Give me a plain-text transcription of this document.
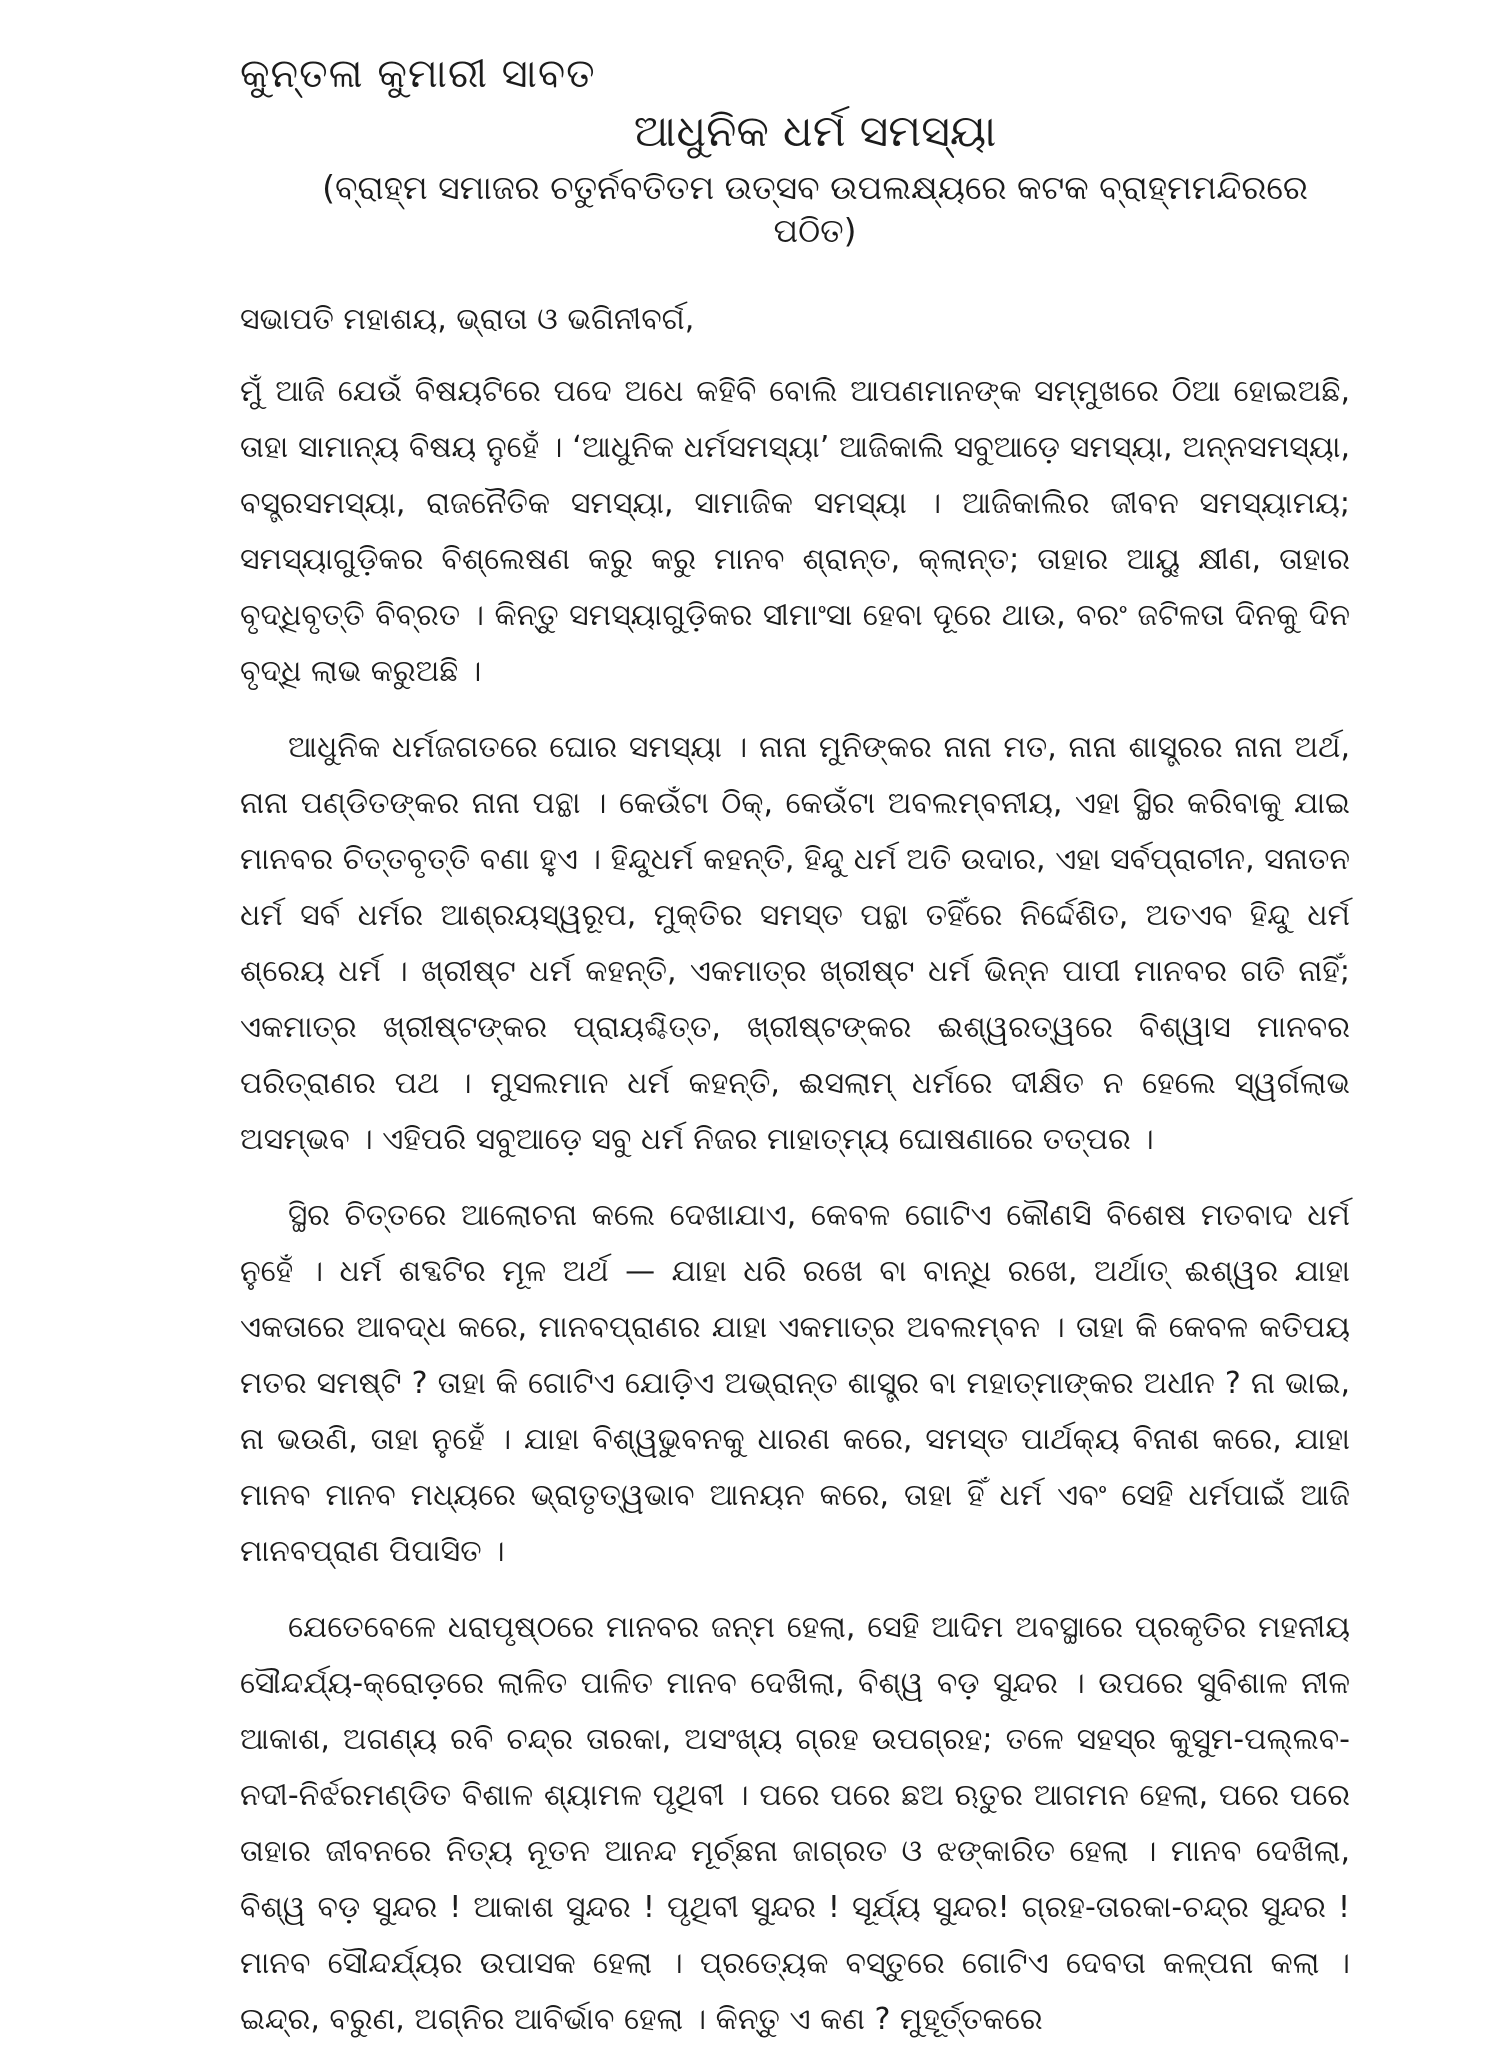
କୁନ୍ତଳା କୁମାରୀ ସାବତ
ଆଧୁନିକ ଧର୍ମ ସମସ୍ୟା
(ବ୍ରାହ୍ମ ସମାଜର ଚତୁର୍ନବତିତମ ଉତ୍ସବ ଉପଲକ୍ଷ୍ୟରେ କଟକ ବ୍ରାହ୍ମମନ୍ଦିରରେ ପଠିତ)
ସଭାପତି ମହାଶୟ, ଭ୍ରାତା ଓ ଭଗିନୀବର୍ଗ,

ମୁଁ ଆଜି ଯେଉଁ ବିଷୟଟିରେ ପଦେ ଅଧେ କହିବି ବୋଲି ଆପଣମାନଙ୍କ ସମ୍ମୁଖରେ ଠିଆ ହୋଇଅଛି, ତାହା ସାମାନ୍ୟ ବିଷୟ ନୁହେଁ । ‘ଆଧୁନିକ ଧର୍ମସମସ୍ୟା’ ଆଜିକାଲି ସବୁଆଡ଼େ ସମସ୍ୟା, ଅନ୍ନସମସ୍ୟା, ବସ୍ତ୍ରସମସ୍ୟା, ରାଜନୈତିକ ସମସ୍ୟା, ସାମାଜିକ ସମସ୍ୟା । ଆଜିକାଲିର ଜୀବନ ସମସ୍ୟାମୟ; ସମସ୍ୟାଗୁଡ଼ିକର ବିଶ୍ଲେଷଣ କରୁ କରୁ ମାନବ ଶ୍ରାନ୍ତ, କ୍ଲାନ୍ତ; ତାହାର ଆୟୁ କ୍ଷୀଣ, ତାହାର ବୃଦ୍ଧିବୃତ୍ତି ବିବ୍ରତ । କିନ୍ତୁ ସମସ୍ୟାଗୁଡ଼ିକର ସୀମାଂସା ହେବା ଦୂରେ ଥାଉ, ବରଂ ଜଟିଳତା ଦିନକୁ ଦିନ ବୃଦ୍ଧି ଲାଭ କରୁଅଛି ।

ଆଧୁନିକ ଧର୍ମଜଗତରେ ଘୋର ସମସ୍ୟା । ନାନା ମୁନିଙ୍କର ନାନା ମତ, ନାନା ଶାସ୍ତ୍ରର ନାନା ଅର୍ଥ, ନାନା ପଣ୍ଡିତଙ୍କର ନାନା ପନ୍ଥା । କେଉଁଟା ଠିକ୍, କେଉଁଟା ଅବଲମ୍ବନୀୟ, ଏହା ସ୍ଥିର କରିବାକୁ ଯାଇ ମାନବର ଚିତ୍ତବୃତ୍ତି ବଣା ହୁଏ । ହିନ୍ଦୁଧର୍ମ କହନ୍ତି, ହିନ୍ଦୁ ଧର୍ମ ଅତି ଉଦାର, ଏହା ସର୍ବପ୍ରାଚୀନ, ସନାତନ ଧର୍ମ ସର୍ବ ଧର୍ମର ଆଶ୍ରୟସ୍ୱରୂପ, ମୁକ୍ତିର ସମସ୍ତ ପନ୍ଥା ତହିଁରେ ନିର୍ଦ୍ଦେଶିତ, ଅତଏବ ହିନ୍ଦୁ ଧର୍ମ ଶ୍ରେୟ ଧର୍ମ । ଖ୍ରୀଷ୍ଟ ଧର୍ମ କହନ୍ତି, ଏକମାତ୍ର ଖ୍ରୀଷ୍ଟ ଧର୍ମ ଭିନ୍ନ ପାପୀ ମାନବର ଗତି ନାହିଁ; ଏକମାତ୍ର ଖ୍ରୀଷ୍ଟଙ୍କର ପ୍ରାୟଶ୍ଚିତ୍ତ, ଖ୍ରୀଷ୍ଟଙ୍କର ଈଶ୍ୱରତ୍ୱରେ ବିଶ୍ୱାସ ମାନବର ପରିତ୍ରାଣର ପଥ । ମୁସଲମାନ ଧର୍ମ କହନ୍ତି, ଈସଲାମ୍ ଧର୍ମରେ ଦୀକ୍ଷିତ ନ ହେଲେ ସ୍ୱର୍ଗଲାଭ ଅସମ୍ଭବ । ଏହିପରି ସବୁଆଡ଼େ ସବୁ ଧର୍ମ ନିଜର ମାହାତ୍ମ୍ୟ ଘୋଷଣାରେ ତତ୍ପର ।

ସ୍ଥିର ଚିତ୍ତରେ ଆଲୋଚନା କଲେ ଦେଖାଯାଏ, କେବଳ ଗୋଟିଏ କୌଣସି ବିଶେଷ ମତବାଦ ଧର୍ମ ନୁହେଁ । ଧର୍ମ ଶବ୍ଦଟିର ମୂଳ ଅର୍ଥ — ଯାହା ଧରି ରଖେ ବା ବାନ୍ଧି ରଖେ, ଅର୍ଥାତ୍ ଈଶ୍ୱର ଯାହା ଏକତାରେ ଆବଦ୍ଧ କରେ, ମାନବପ୍ରାଣର ଯାହା ଏକମାତ୍ର ଅବଲମ୍ବନ । ତାହା କି କେବଳ କତିପୟ ମତର ସମଷ୍ଟି ? ତାହା କି ଗୋଟିଏ ଯୋଡ଼ିଏ ଅଭ୍ରାନ୍ତ ଶାସ୍ତ୍ର ବା ମହାତ୍ମାଙ୍କର ଅଧୀନ ? ନା ଭାଇ, ନା ଭଉଣି, ତାହା ନୁହେଁ । ଯାହା ବିଶ୍ୱଭୁବନକୁ ଧାରଣ କରେ, ସମସ୍ତ ପାର୍ଥକ୍ୟ ବିନାଶ କରେ, ଯାହା ମାନବ ମାନବ ମଧ୍ୟରେ ଭ୍ରାତୃତ୍ୱଭାବ ଆନୟନ କରେ, ତାହା ହିଁ ଧର୍ମ ଏବଂ ସେହି ଧର୍ମପାଇଁ ଆଜି ମାନବପ୍ରାଣ ପିପାସିତ ।

ଯେତେବେଳେ ଧରାପୃଷ୍ଠରେ ମାନବର ଜନ୍ମ ହେଲା, ସେହି ଆଦିମ ଅବସ୍ଥାରେ ପ୍ରକୃତିର ମହନୀୟ ସୌନ୍ଦର୍ଯ୍ୟ-କ୍ରୋଡ଼ରେ ଲାଳିତ ପାଳିତ ମାନବ ଦେଖିଲା, ବିଶ୍ୱ ବଡ଼ ସୁନ୍ଦର । ଉପରେ ସୁବିଶାଳ ନୀଳ ଆକାଶ, ଅଗଣ୍ୟ ରବି ଚନ୍ଦ୍ର ତାରକା, ଅସଂଖ୍ୟ ଗ୍ରହ ଉପଗ୍ରହ; ତଳେ ସହସ୍ର କୁସୁମ-ପଲ୍ଲବ-ନଦୀ-ନିର୍ଝରମଣ୍ଡିତ ବିଶାଳ ଶ୍ୟାମଳ ପୃଥିବୀ । ପରେ ପରେ ଛଅ ଋତୁର ଆଗମନ ହେଲା, ପରେ ପରେ ତାହାର ଜୀବନରେ ନିତ୍ୟ ନୂତନ ଆନନ୍ଦ ମୂର୍ଚ୍ଛନା ଜାଗ୍ରତ ଓ ଝଙ୍କାରିତ ହେଲା । ମାନବ ଦେଖିଲା, ବିଶ୍ୱ ବଡ଼ ସୁନ୍ଦର ! ଆକାଶ ସୁନ୍ଦର ! ପୃଥିବୀ ସୁନ୍ଦର ! ସୂର୍ଯ୍ୟ ସୁନ୍ଦର! ଗ୍ରହ-ତାରକା-ଚନ୍ଦ୍ର ସୁନ୍ଦର ! ମାନବ ସୌନ୍ଦର୍ଯ୍ୟର ଉପାସକ ହେଲା । ପ୍ରତ୍ୟେକ ବସ୍ତୁରେ ଗୋଟିଏ ଦେବତା କଳ୍ପନା କଲା । ଇନ୍ଦ୍ର, ବରୁଣ, ଅଗ୍ନିର ଆବିର୍ଭାବ ହେଲା । କିନ୍ତୁ ଏ କଣ ? ମୁହୂର୍ତ୍ତକରେ
